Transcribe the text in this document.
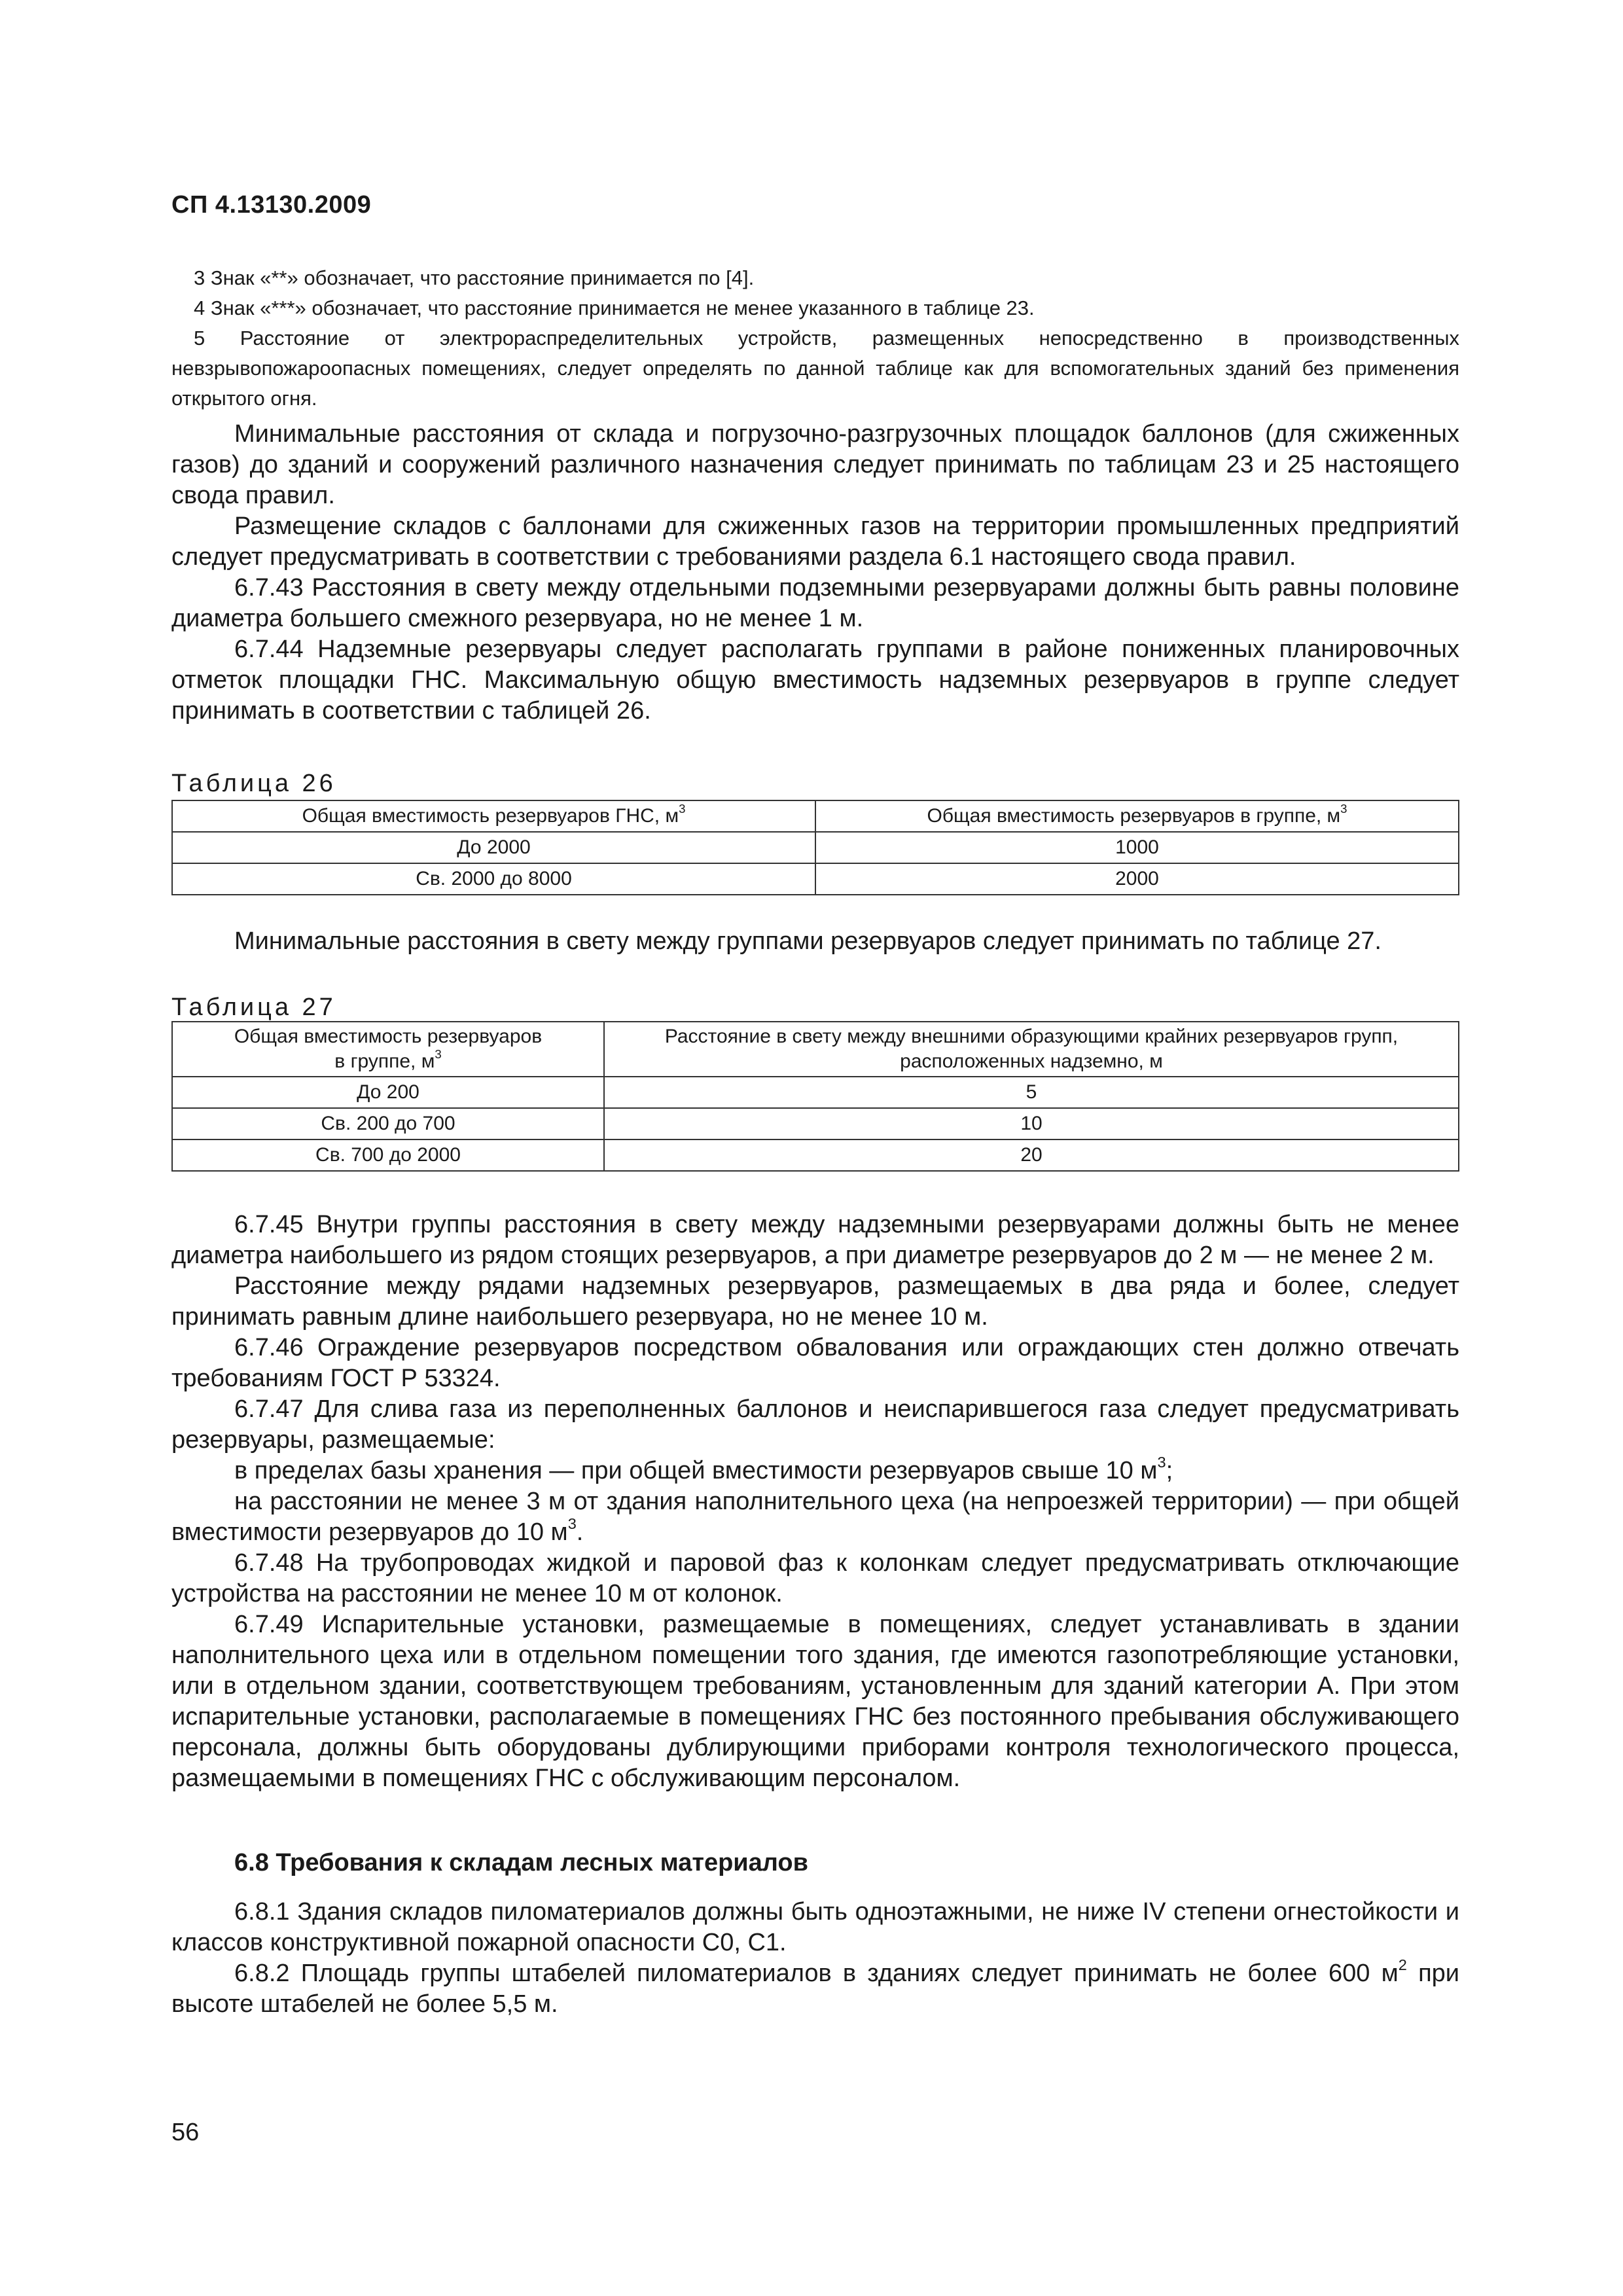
СП 4.13130.2009

3 Знак «**» обозначает, что расстояние принимается по [4].

4 Знак «***» обозначает, что расстояние принимается не менее указанного в таблице 23.

5 Расстояние от электрораспределительных устройств, размещенных непосредственно в производственных невзрывопожароопасных помещениях, следует определять по данной таблице как для вспомогательных зданий без применения открытого огня.

Минимальные расстояния от склада и погрузочно-разгрузочных площадок баллонов (для сжиженных газов) до зданий и сооружений различного назначения следует принимать по таблицам 23 и 25 настоящего свода правил.

Размещение складов с баллонами для сжиженных газов на территории промышленных предприятий следует предусматривать в соответствии с требованиями раздела 6.1 настоящего свода правил.

6.7.43 Расстояния в свету между отдельными подземными резервуарами должны быть равны половине диаметра большего смежного резервуара, но не менее 1 м.

6.7.44 Надземные резервуары следует располагать группами в районе пониженных планировочных отметок площадки ГНС. Максимальную общую вместимость надземных резервуаров в группе следует принимать в соответствии с таблицей 26.

Таблица 26
Общая вместимость резервуаров ГНС, $м^3$	Общая вместимость резервуаров в группе, $м^3$
До 2000	1000
Св. 2000 до 8000	2000

Минимальные расстояния в свету между группами резервуаров следует принимать по таблице 27.

Таблица 27
Общая вместимость резервуаров
в группе, $м^3$	Расстояние в свету между внешними образующими крайних резервуаров групп,
расположенных надземно, м
До 200	5
Св. 200 до 700	10
Св. 700 до 2000	20

6.7.45 Внутри группы расстояния в свету между надземными резервуарами должны быть не менее диаметра наибольшего из рядом стоящих резервуаров, а при диаметре резервуаров до 2 м — не менее 2 м.

Расстояние между рядами надземных резервуаров, размещаемых в два ряда и более, следует принимать равным длине наибольшего резервуара, но не менее 10 м.

6.7.46 Ограждение резервуаров посредством обвалования или ограждающих стен должно отвечать требованиям ГОСТ Р 53324.

6.7.47 Для слива газа из переполненных баллонов и неиспарившегося газа следует предусматривать резервуары, размещаемые:

в пределах базы хранения — при общей вместимости резервуаров свыше 10 $м^3$;

на расстоянии не менее 3 м от здания наполнительного цеха (на непроезжей территории) — при общей вместимости резервуаров до 10 $м^3$.

6.7.48 На трубопроводах жидкой и паровой фаз к колонкам следует предусматривать отключающие устройства на расстоянии не менее 10 м от колонок.

6.7.49 Испарительные установки, размещаемые в помещениях, следует устанавливать в здании наполнительного цеха или в отдельном помещении того здания, где имеются газопотребляющие установки, или в отдельном здании, соответствующем требованиям, установленным для зданий категории А. При этом испарительные установки, располагаемые в помещениях ГНС без постоянного пребывания обслуживающего персонала, должны быть оборудованы дублирующими приборами контроля технологического процесса, размещаемыми в помещениях ГНС с обслуживающим персоналом.

6.8 Требования к складам лесных материалов

6.8.1 Здания складов пиломатериалов должны быть одноэтажными, не ниже IV степени огнестойкости и классов конструктивной пожарной опасности С0, С1.

6.8.2 Площадь группы штабелей пиломатериалов в зданиях следует принимать не более 600 $м^2$ при высоте штабелей не более 5,5 м.

56
